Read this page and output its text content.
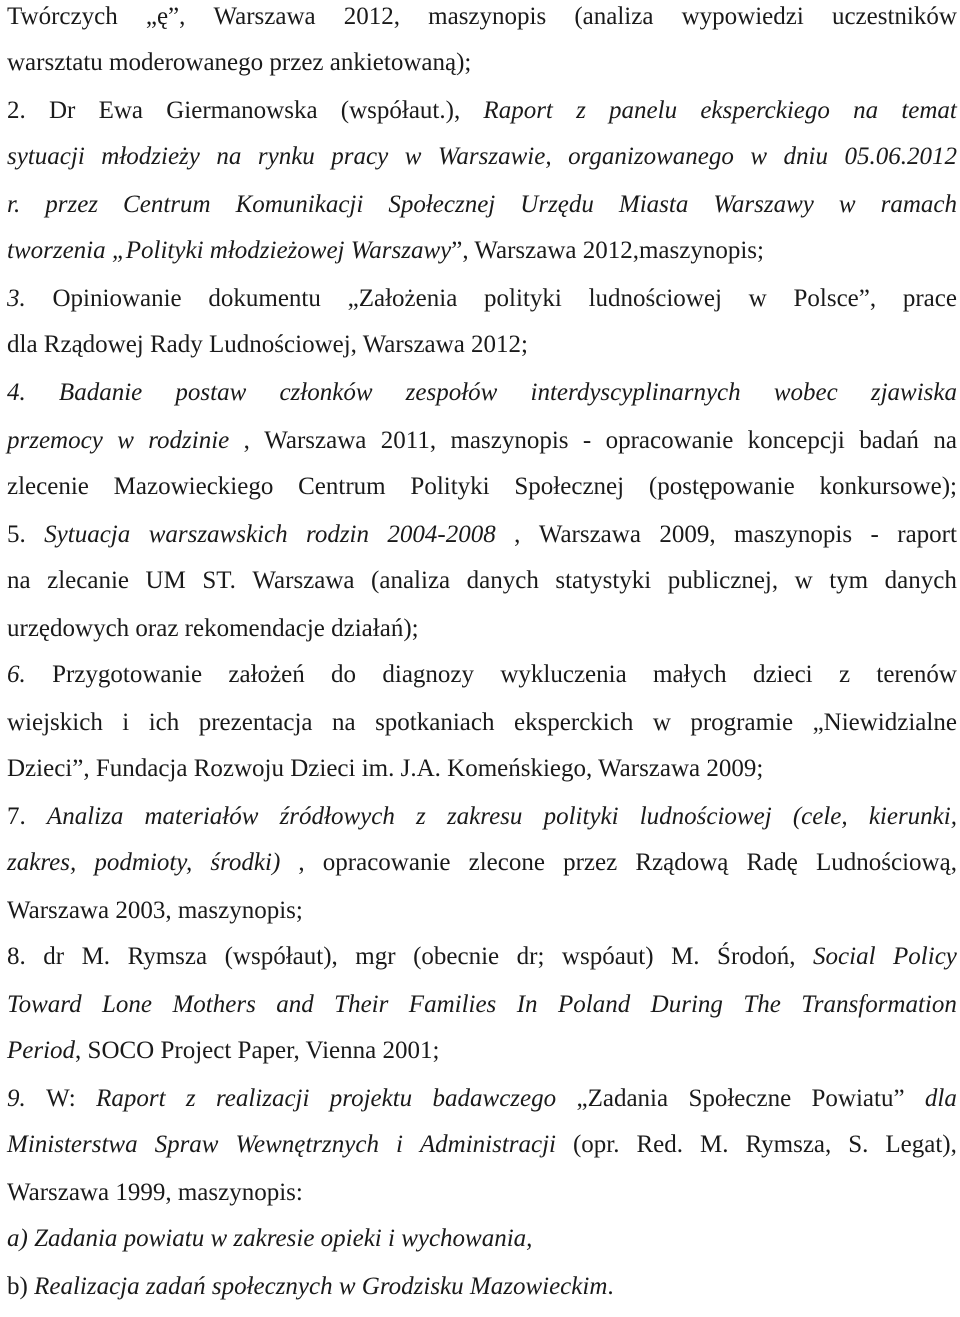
Twórczych „ę”, Warszawa 2012, maszynopis (analiza wypowiedzi uczestników
warsztatu moderowanego przez ankietowaną);
2. Dr Ewa Giermanowska (współaut.), Raport z panelu eksperckiego na temat
sytuacji młodzieży na rynku pracy w Warszawie, organizowanego w dniu 05.06.2012
r. przez Centrum Komunikacji Społecznej Urzędu Miasta Warszawy w ramach
tworzenia „Polityki młodzieżowej Warszawy”, Warszawa 2012,maszynopis;
3. Opiniowanie dokumentu „Założenia polityki ludnościowej w Polsce”, prace
dla Rządowej Rady Ludnościowej, Warszawa 2012;
4. Badanie postaw członków zespołów interdyscyplinarnych wobec zjawiska
przemocy w rodzinie , Warszawa 2011, maszynopis - opracowanie koncepcji badań na
zlecenie Mazowieckiego Centrum Polityki Społecznej (postępowanie konkursowe);
5. Sytuacja warszawskich rodzin 2004-2008 , Warszawa 2009, maszynopis - raport
na zlecanie UM ST. Warszawa (analiza danych statystyki publicznej, w tym danych
urzędowych oraz rekomendacje działań);
6. Przygotowanie założeń do diagnozy wykluczenia małych dzieci z terenów
wiejskich i ich prezentacja na spotkaniach eksperckich w programie „Niewidzialne
Dzieci”, Fundacja Rozwoju Dzieci im. J.A. Komeńskiego, Warszawa 2009;
7. Analiza materiałów źródłowych z zakresu polityki ludnościowej (cele, kierunki,
zakres, podmioty, środki) , opracowanie zlecone przez Rządową Radę Ludnościową,
Warszawa 2003, maszynopis;
8. dr M. Rymsza (współaut), mgr (obecnie dr; wspóaut) M. Środoń, Social Policy
Toward Lone Mothers and Their Families In Poland During The Transformation
Period, SOCO Project Paper, Vienna 2001;
9. W: Raport z realizacji projektu badawczego „Zadania Społeczne Powiatu” dla
Ministerstwa Spraw Wewnętrznych i Administracji (opr. Red. M. Rymsza, S. Legat),
Warszawa 1999, maszynopis:
a) Zadania powiatu w zakresie opieki i wychowania,
b) Realizacja zadań społecznych w Grodzisku Mazowieckim.
